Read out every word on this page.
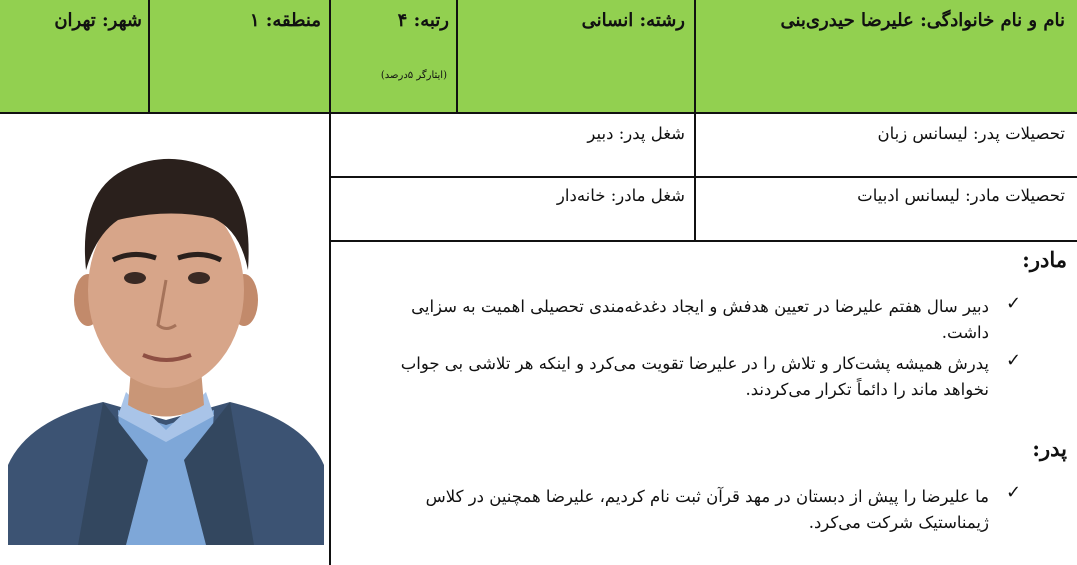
نام و نام خانوادگی: علیرضا حیدری‌بنی
رشته: انسانی
رتبه: ۴
(ایثارگر ۵درصد)
منطقه: ۱
شهر: تهران
تحصیلات پدر: لیسانس زبان
شغل پدر: دبیر
تحصیلات مادر: لیسانس ادبیات
شغل مادر: خانه‌دار
مادر:
✓
دبیر سال هفتم علیرضا در تعیین هدفش و ایجاد دغدغه‌مندی تحصیلی اهمیت به سزایی داشت.
✓
پدرش همیشه پشت‌کار و تلاش را در علیرضا تقویت می‌کرد و اینکه هر تلاشی بی جواب نخواهد ماند را دائماً تکرار می‌کردند.
پدر:
✓
ما علیرضا را پیش از دبستان در مهد قرآن ثبت نام کردیم، علیرضا همچنین در کلاس ژیمناستیک شرکت می‌کرد.
